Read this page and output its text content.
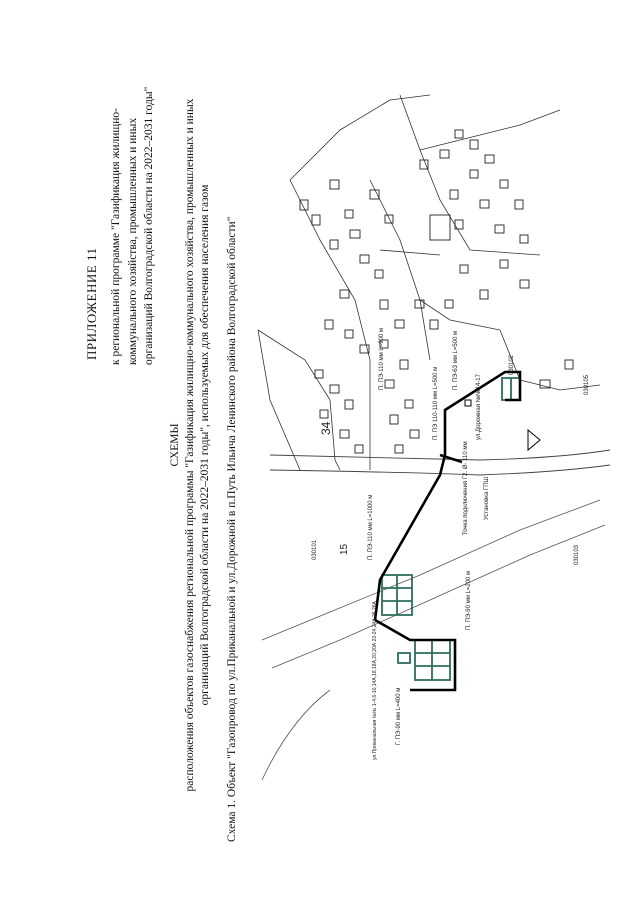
ПРИЛОЖЕНИЕ 11 к региональной программе "Газификация жилищно- коммунального хозяйства, промышленных и иных организаций Волгоградской области на 2022–2031 годы"
СХЕМЫ расположения объектов газоснабжения региональной программы "Газификация жилищно-коммунального хозяйства, промышленных и иных организаций Волгоградской области на 2022–2031 годы", используемых для обеспечения населения газом Схема 1. Объект "Газопровод по ул.Приканальной и ул.Дорожной в п.Путь Ильича Ленинского района Волгоградской области"	34
15
030101
030102
030103
030105
П. ПЭ-110 мм L=1000 м
П. ПЭ 110-110 мм L=500 м
П. ПЭ-63 мм L=500 м
П. ПЭ-110 мм L=900 м
П. ПЭ-90 мм L=200 м
Г. ПЭ-90 мм L=400 м
Точка подключения Г2. Ø- 110 мм	Установка ГПШ
ул.Дорожная №№14-17
ул.Приканальная №№ 1-4,6-10,14А,18,18А,20,20А 22-24,24А,26,26А
